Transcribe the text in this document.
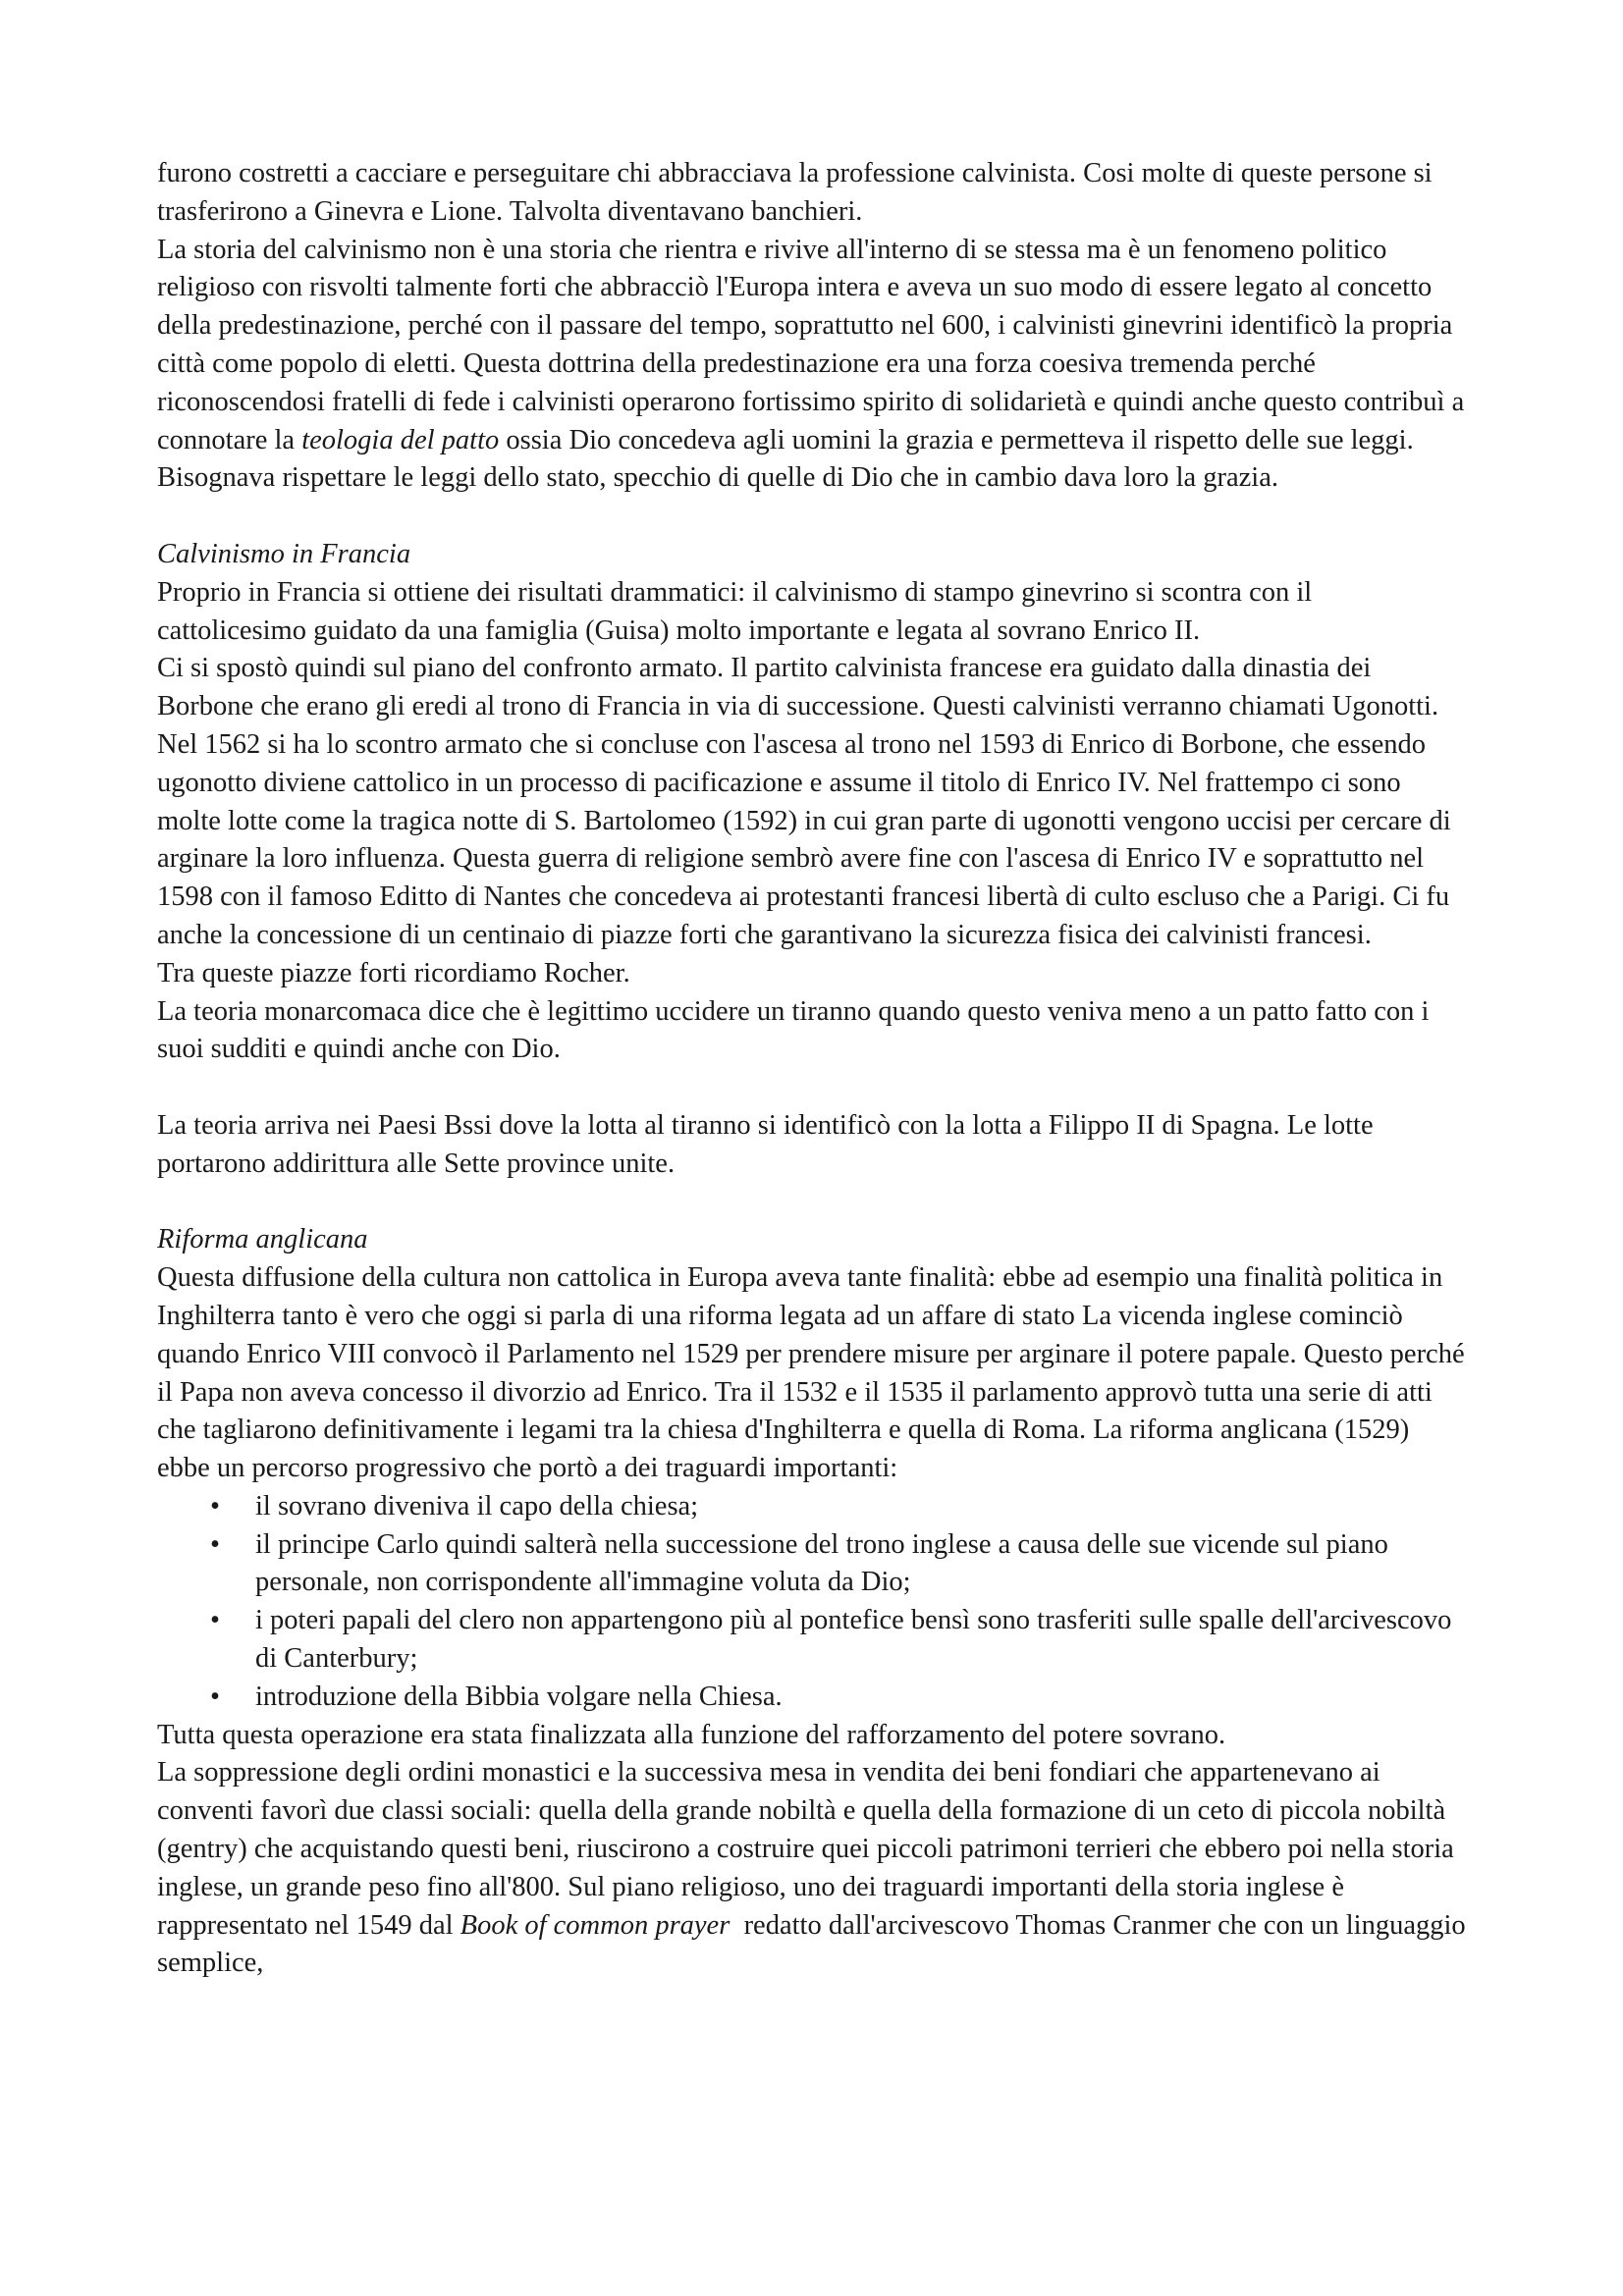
furono costretti a cacciare e perseguitare chi abbracciava la professione calvinista. Cosi molte di queste persone si trasferirono a Ginevra e Lione. Talvolta diventavano banchieri.

La storia del calvinismo non è una storia che rientra e rivive all'interno di se stessa ma è un fenomeno politico religioso con risvolti talmente forti che abbracciò l'Europa intera e aveva un suo modo di essere legato al concetto della predestinazione, perché con il passare del tempo, soprattutto nel 600, i calvinisti ginevrini identificò la propria città come popolo di eletti. Questa dottrina della predestinazione era una forza coesiva tremenda perché riconoscendosi fratelli di fede i calvinisti operarono fortissimo spirito di solidarietà e quindi anche questo contribuì a connotare la teologia del patto ossia Dio concedeva agli uomini la grazia e permetteva il rispetto delle sue leggi.

Bisognava rispettare le leggi dello stato, specchio di quelle di Dio che in cambio dava loro la grazia.

Calvinismo in Francia

Proprio in Francia si ottiene dei risultati drammatici: il calvinismo di stampo ginevrino si scontra con il cattolicesimo guidato da una famiglia (Guisa) molto importante e legata al sovrano Enrico II.

Ci si spostò quindi sul piano del confronto armato. Il partito calvinista francese era guidato dalla dinastia dei Borbone che erano gli eredi al trono di Francia in via di successione. Questi calvinisti verranno chiamati Ugonotti.

Nel 1562 si ha lo scontro armato che si concluse con l'ascesa al trono nel 1593 di Enrico di Borbone, che essendo ugonotto diviene cattolico in un processo di pacificazione e assume il titolo di Enrico IV. Nel frattempo ci sono molte lotte come la tragica notte di S. Bartolomeo (1592) in cui gran parte di ugonotti vengono uccisi per cercare di arginare la loro influenza. Questa guerra di religione sembrò avere fine con l'ascesa di Enrico IV e soprattutto nel 1598 con il famoso Editto di Nantes che concedeva ai protestanti francesi libertà di culto escluso che a Parigi. Ci fu anche la concessione di un centinaio di piazze forti che garantivano la sicurezza fisica dei calvinisti francesi.

Tra queste piazze forti ricordiamo Rocher.

La teoria monarcomaca dice che è legittimo uccidere un tiranno quando questo veniva meno a un patto fatto con i suoi sudditi e quindi anche con Dio.

La teoria arriva nei Paesi Bssi dove la lotta al tiranno si identificò con la lotta a Filippo II di Spagna. Le lotte portarono addirittura alle Sette province unite.

Riforma anglicana

Questa diffusione della cultura non cattolica in Europa aveva tante finalità: ebbe ad esempio una finalità politica in Inghilterra tanto è vero che oggi si parla di una riforma legata ad un affare di stato La vicenda inglese cominciò quando Enrico VIII convocò il Parlamento nel 1529 per prendere misure per arginare il potere papale. Questo perché il Papa non aveva concesso il divorzio ad Enrico. Tra il 1532 e il 1535 il parlamento approvò tutta una serie di atti che tagliarono definitivamente i legami tra la chiesa d'Inghilterra e quella di Roma. La riforma anglicana (1529) ebbe un percorso progressivo che portò a dei traguardi importanti:

• il sovrano diveniva il capo della chiesa;
• il principe Carlo quindi salterà nella successione del trono inglese a causa delle sue vicende sul piano personale, non corrispondente all'immagine voluta da Dio;
• i poteri papali del clero non appartengono più al pontefice bensì sono trasferiti sulle spalle dell'arcivescovo di Canterbury;
• introduzione della Bibbia volgare nella Chiesa.

Tutta questa operazione era stata finalizzata alla funzione del rafforzamento del potere sovrano.

La soppressione degli ordini monastici e la successiva mesa in vendita dei beni fondiari che appartenevano ai conventi favorì due classi sociali: quella della grande nobiltà e quella della formazione di un ceto di piccola nobiltà (gentry) che acquistando questi beni, riuscirono a costruire quei piccoli patrimoni terrieri che ebbero poi nella storia inglese, un grande peso fino all'800. Sul piano religioso, uno dei traguardi importanti della storia inglese è rappresentato nel 1549 dal Book of common prayer  redatto dall'arcivescovo Thomas Cranmer che con un linguaggio semplice,
